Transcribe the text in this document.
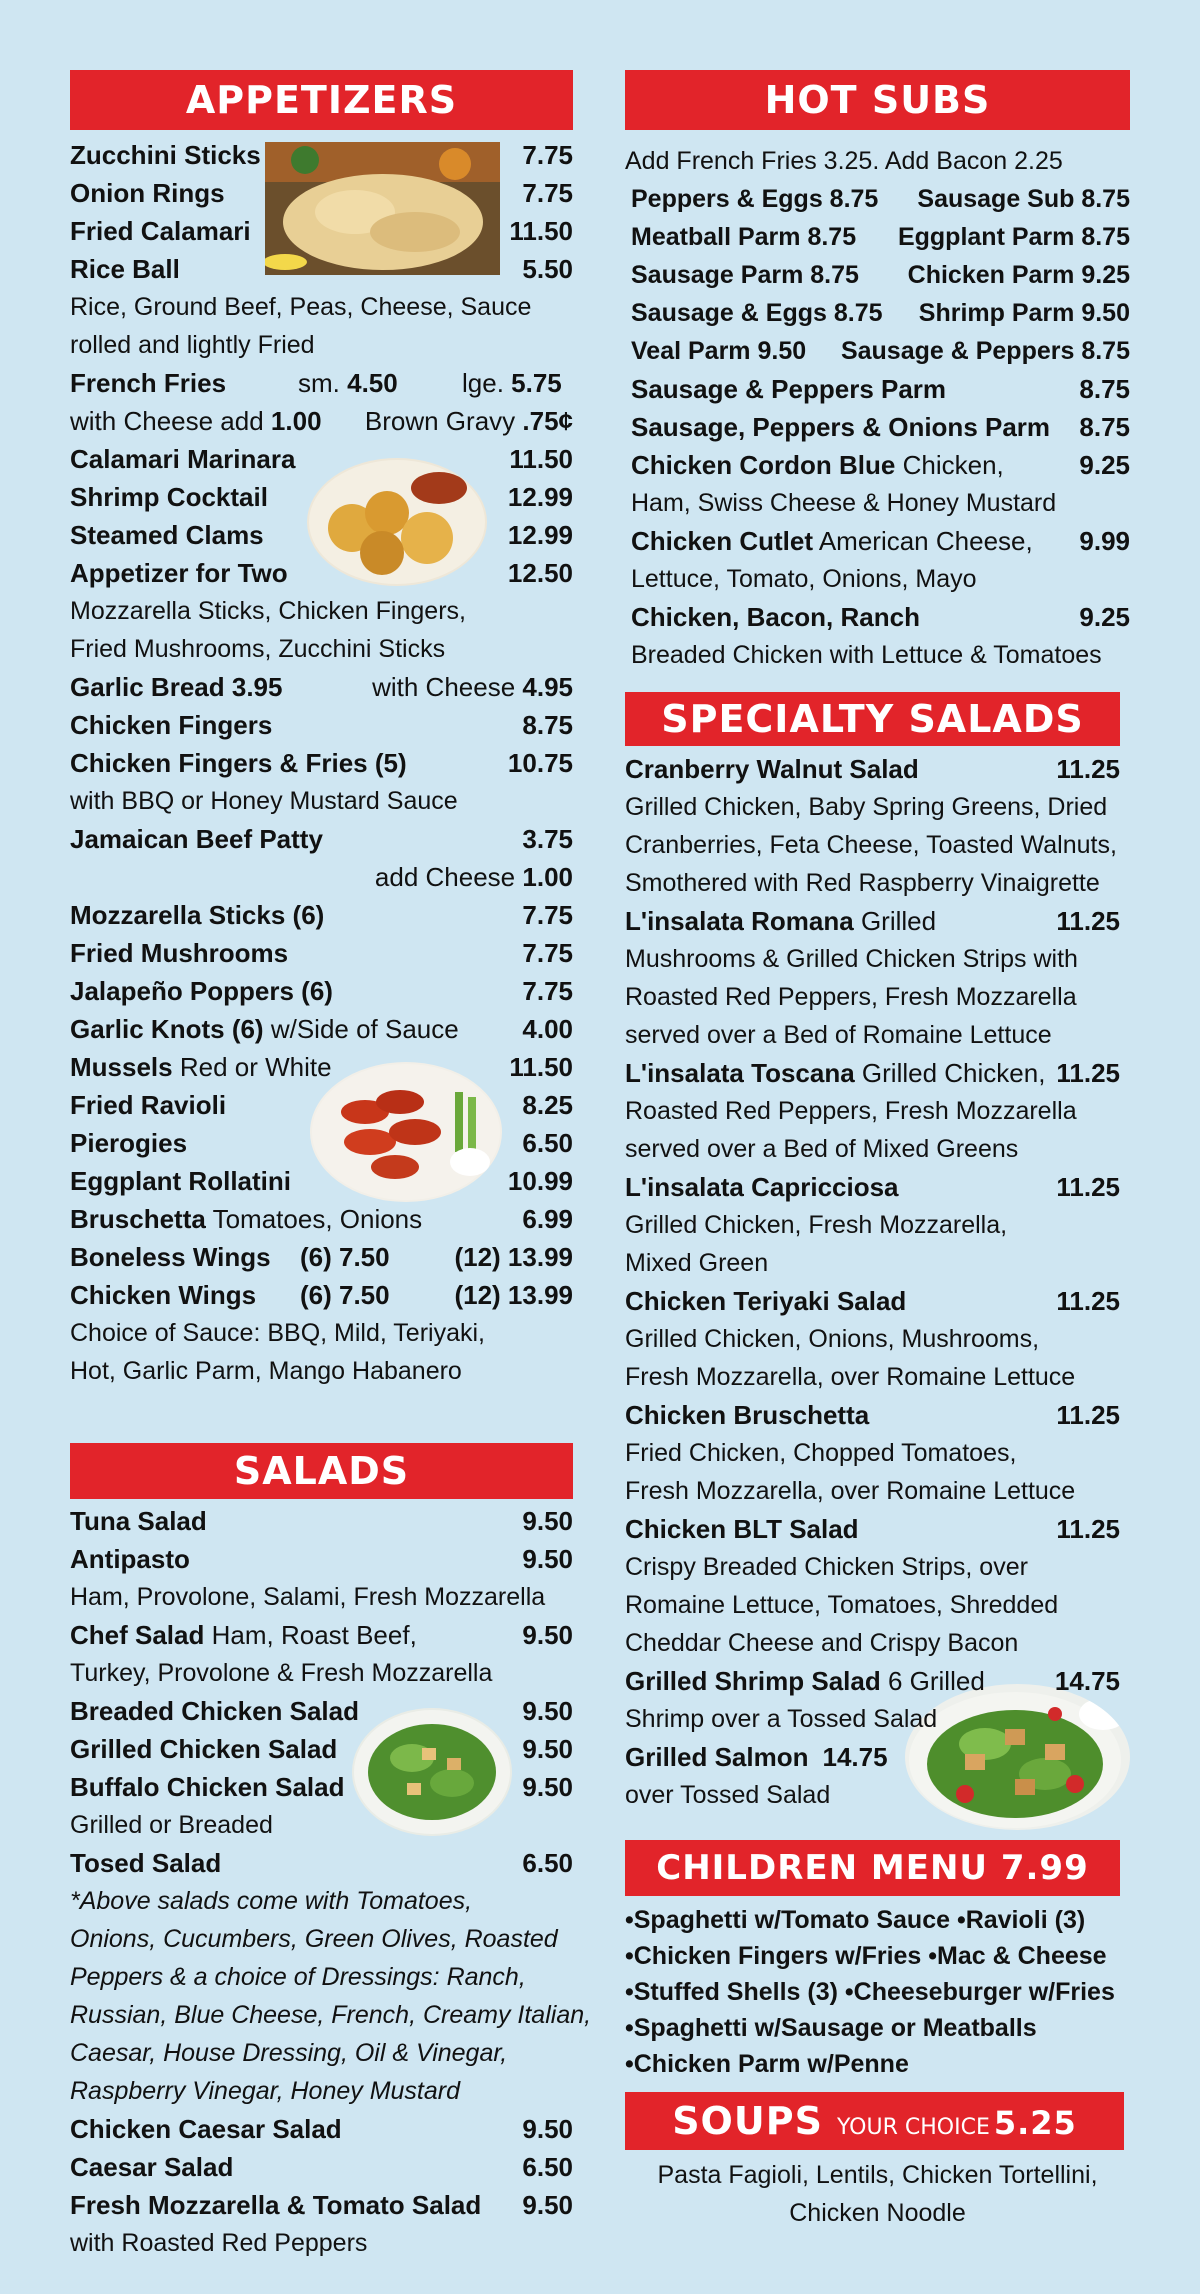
APPETIZERS
Zucchini Sticks	7.75
Onion Rings	7.75
Fried Calamari	11.50
Rice Ball	5.50
Rice, Ground Beef, Peas, Cheese, Sauce
rolled and lightly Fried
French Fries	sm. 4.50 lge. 5.75
with Cheese add 1.00 Brown Gravy .75¢
Calamari Marinara	11.50
Shrimp Cocktail	12.99
Steamed Clams	12.99
Appetizer for Two	12.50
Mozzarella Sticks, Chicken Fingers,
Fried Mushrooms, Zucchini Sticks
Garlic Bread 3.95	with Cheese 4.95
Chicken Fingers	8.75
Chicken Fingers & Fries (5)	10.75
with BBQ or Honey Mustard Sauce
Jamaican Beef Patty	3.75
add Cheese 1.00
Mozzarella Sticks (6)	7.75
Fried Mushrooms	7.75
Jalapeño Poppers (6)	7.75
Garlic Knots (6) w/Side of Sauce 4.00
Mussels Red or White	11.50
Fried Ravioli	8.25
Pierogies	6.50
Eggplant Rollatini	10.99
Bruschetta Tomatoes, Onions	6.99
Boneless Wings (6) 7.50 (12) 13.99
Chicken Wings (6) 7.50 (12) 13.99
Choice of Sauce: BBQ, Mild, Teriyaki,
Hot, Garlic Parm, Mango Habanero
SALADS
Tuna Salad	9.50
Antipasto	9.50
Ham, Provolone, Salami, Fresh Mozzarella
Chef Salad Ham, Roast Beef,	9.50
Turkey, Provolone & Fresh Mozzarella
Breaded Chicken Salad	9.50
Grilled Chicken Salad	9.50
Buffalo Chicken Salad	9.50
Grilled or Breaded
Tosed Salad	6.50
*Above salads come with Tomatoes,
Onions, Cucumbers, Green Olives, Roasted
Peppers & a choice of Dressings: Ranch,
Russian, Blue Cheese, French, Creamy Italian,
Caesar, House Dressing, Oil & Vinegar,
Raspberry Vinegar, Honey Mustard
Chicken Caesar Salad	9.50
Caesar Salad	6.50
Fresh Mozzarella & Tomato Salad 9.50
with Roasted Red Peppers
HOT SUBS
Add French Fries 3.25. Add Bacon 2.25
Peppers & Eggs 8.75 Sausage Sub 8.75
Meatball Parm 8.75 Eggplant Parm 8.75
Sausage Parm 8.75 Chicken Parm 9.25
Sausage & Eggs 8.75 Shrimp Parm 9.50
Veal Parm 9.50 Sausage & Peppers 8.75
Sausage & Peppers Parm	8.75
Sausage, Peppers & Onions Parm 8.75
Chicken Cordon Blue Chicken,	9.25
Ham, Swiss Cheese & Honey Mustard
Chicken Cutlet American Cheese, 9.99
Lettuce, Tomato, Onions, Mayo
Chicken, Bacon, Ranch	9.25
Breaded Chicken with Lettuce & Tomatoes
SPECIALTY SALADS
Cranberry Walnut Salad	11.25
Grilled Chicken, Baby Spring Greens, Dried
Cranberries, Feta Cheese, Toasted Walnuts,
Smothered with Red Raspberry Vinaigrette
L'insalata Romana Grilled	11.25
Mushrooms & Grilled Chicken Strips with
Roasted Red Peppers, Fresh Mozzarella
served over a Bed of Romaine Lettuce
L'insalata Toscana Grilled Chicken, 11.25
Roasted Red Peppers, Fresh Mozzarella
served over a Bed of Mixed Greens
L'insalata Capricciosa	11.25
Grilled Chicken, Fresh Mozzarella,
Mixed Green
Chicken Teriyaki Salad	11.25
Grilled Chicken, Onions, Mushrooms,
Fresh Mozzarella, over Romaine Lettuce
Chicken Bruschetta	11.25
Fried Chicken, Chopped Tomatoes,
Fresh Mozzarella, over Romaine Lettuce
Chicken BLT Salad	11.25
Crispy Breaded Chicken Strips, over
Romaine Lettuce, Tomatoes, Shredded
Cheddar Cheese and Crispy Bacon
Grilled Shrimp Salad 6 Grilled	14.75
Shrimp over a Tossed Salad
Grilled Salmon 14.75
over Tossed Salad
CHILDREN MENU 7.99
•Spaghetti w/Tomato Sauce •Ravioli (3)
•Chicken Fingers w/Fries •Mac & Cheese
•Stuffed Shells (3) •Cheeseburger w/Fries
•Spaghetti w/Sausage or Meatballs
•Chicken Parm w/Penne
SOUPS YOUR CHOICE 5.25
Pasta Fagioli, Lentils, Chicken Tortellini,
Chicken Noodle
